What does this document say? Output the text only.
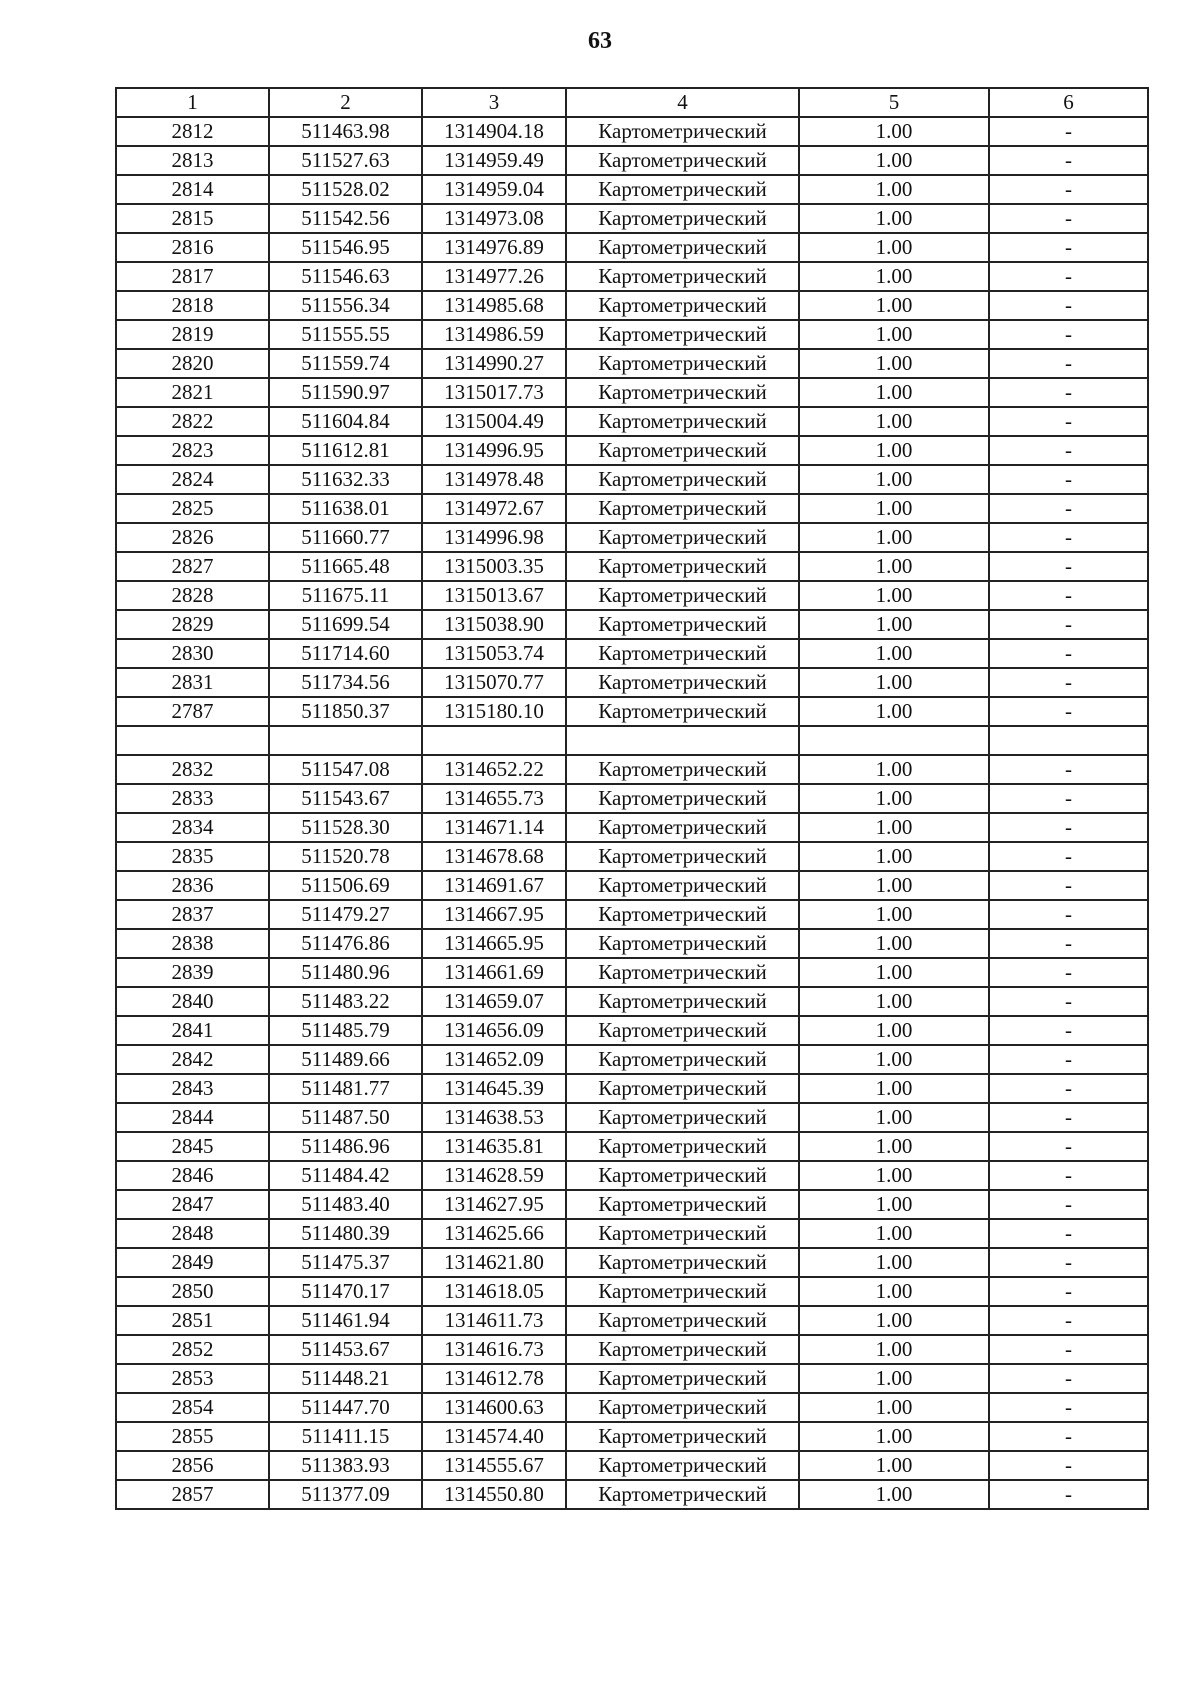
63
1	2	3	4	5	6
2812	511463.98	1314904.18	Картометрический	1.00	-
2813	511527.63	1314959.49	Картометрический	1.00	-
2814	511528.02	1314959.04	Картометрический	1.00	-
2815	511542.56	1314973.08	Картометрический	1.00	-
2816	511546.95	1314976.89	Картометрический	1.00	-
2817	511546.63	1314977.26	Картометрический	1.00	-
2818	511556.34	1314985.68	Картометрический	1.00	-
2819	511555.55	1314986.59	Картометрический	1.00	-
2820	511559.74	1314990.27	Картометрический	1.00	-
2821	511590.97	1315017.73	Картометрический	1.00	-
2822	511604.84	1315004.49	Картометрический	1.00	-
2823	511612.81	1314996.95	Картометрический	1.00	-
2824	511632.33	1314978.48	Картометрический	1.00	-
2825	511638.01	1314972.67	Картометрический	1.00	-
2826	511660.77	1314996.98	Картометрический	1.00	-
2827	511665.48	1315003.35	Картометрический	1.00	-
2828	511675.11	1315013.67	Картометрический	1.00	-
2829	511699.54	1315038.90	Картометрический	1.00	-
2830	511714.60	1315053.74	Картометрический	1.00	-
2831	511734.56	1315070.77	Картометрический	1.00	-
2787	511850.37	1315180.10	Картометрический	1.00	-

2832	511547.08	1314652.22	Картометрический	1.00	-
2833	511543.67	1314655.73	Картометрический	1.00	-
2834	511528.30	1314671.14	Картометрический	1.00	-
2835	511520.78	1314678.68	Картометрический	1.00	-
2836	511506.69	1314691.67	Картометрический	1.00	-
2837	511479.27	1314667.95	Картометрический	1.00	-
2838	511476.86	1314665.95	Картометрический	1.00	-
2839	511480.96	1314661.69	Картометрический	1.00	-
2840	511483.22	1314659.07	Картометрический	1.00	-
2841	511485.79	1314656.09	Картометрический	1.00	-
2842	511489.66	1314652.09	Картометрический	1.00	-
2843	511481.77	1314645.39	Картометрический	1.00	-
2844	511487.50	1314638.53	Картометрический	1.00	-
2845	511486.96	1314635.81	Картометрический	1.00	-
2846	511484.42	1314628.59	Картометрический	1.00	-
2847	511483.40	1314627.95	Картометрический	1.00	-
2848	511480.39	1314625.66	Картометрический	1.00	-
2849	511475.37	1314621.80	Картометрический	1.00	-
2850	511470.17	1314618.05	Картометрический	1.00	-
2851	511461.94	1314611.73	Картометрический	1.00	-
2852	511453.67	1314616.73	Картометрический	1.00	-
2853	511448.21	1314612.78	Картометрический	1.00	-
2854	511447.70	1314600.63	Картометрический	1.00	-
2855	511411.15	1314574.40	Картометрический	1.00	-
2856	511383.93	1314555.67	Картометрический	1.00	-
2857	511377.09	1314550.80	Картометрический	1.00	-
